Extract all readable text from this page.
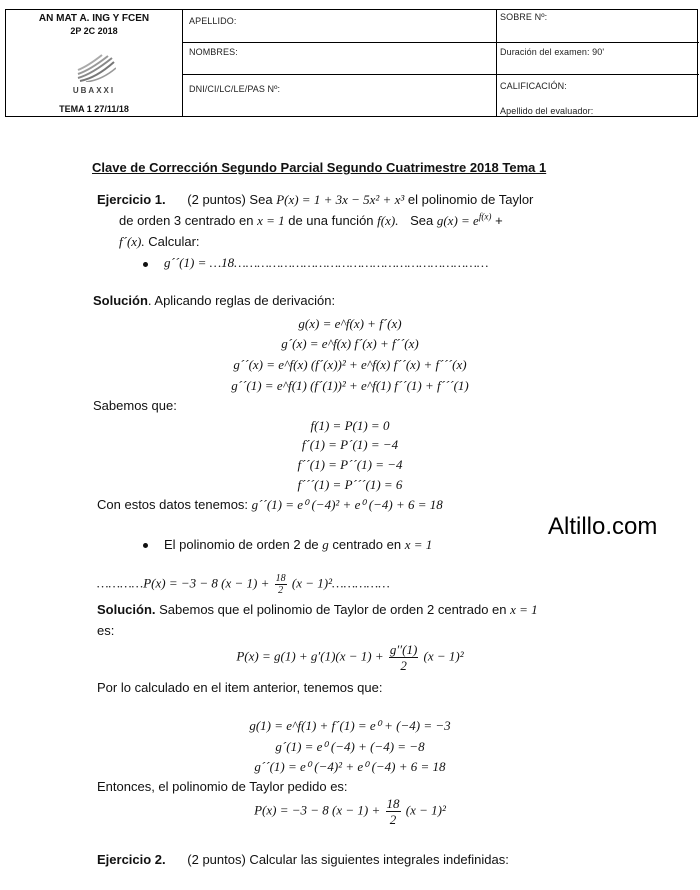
AN MAT A. ING Y FCEN
2P 2C 2018
UBAXXI
TEMA 1 27/11/18
APELLIDO:
NOMBRES:
DNI/CI/LC/LE/PAS Nº:
SOBRE Nº:
Duración del examen: 90'
CALIFICACIÓN:
Apellido del evaluador:
Clave de Corrección Segundo Parcial Segundo Cuatrimestre 2018 Tema 1
Ejercicio 1. (2 puntos) Sea P(x) = 1 + 3x − 5x² + x³ el polinomio de Taylor
de orden 3 centrado en x = 1 de una función f(x). Sea $g(x) = e^{f(x)}$ +
f´(x). Calcular:
g´´(1) = …18…………………………………………………………
Solución. Aplicando reglas de derivación:
g(x) = e^f(x) + f´(x)
g´(x) = e^f(x) f´(x) + f´´(x)
g´´(x) = e^f(x) (f´(x))² + e^f(x) f´´(x) + f´´´(x)
g´´(1) = e^f(1) (f´(1))² + e^f(1) f´´(1) + f´´´(1)
Sabemos que:
f(1) = P(1) = 0
f´(1) = P´(1) = −4
f´´(1) = P´´(1) = −4
f´´´(1) = P´´´(1) = 6
Con estos datos tenemos: g´´(1) = e⁰ (−4)² + e⁰ (−4) + 6 = 18
Altillo.com
El polinomio de orden 2 de g centrado en x = 1
…………P(x) = −3 − 8 $(x - 1) + \frac{18}{2} (x$ − 1)²……………
Solución. Sabemos que el polinomio de Taylor de orden 2 centrado en x = 1
es:
$P(x) = g(1) + g'(1)(x - 1) + \frac{g''(1)}{2} (x - 1)^2$
Por lo calculado en el item anterior, tenemos que:
g(1) = e^f(1) + f´(1) = e⁰ + (−4) = −3
g´(1) = e⁰ (−4) + (−4) = −8
g´´(1) = e⁰ (−4)² + e⁰ (−4) + 6 = 18
Entonces, el polinomio de Taylor pedido es:
P(x) = −3 − 8 $(x - 1) + \frac{18}{2} (x - 1)^2$
Ejercicio 2. (2 puntos) Calcular las siguientes integrales indefinidas:
